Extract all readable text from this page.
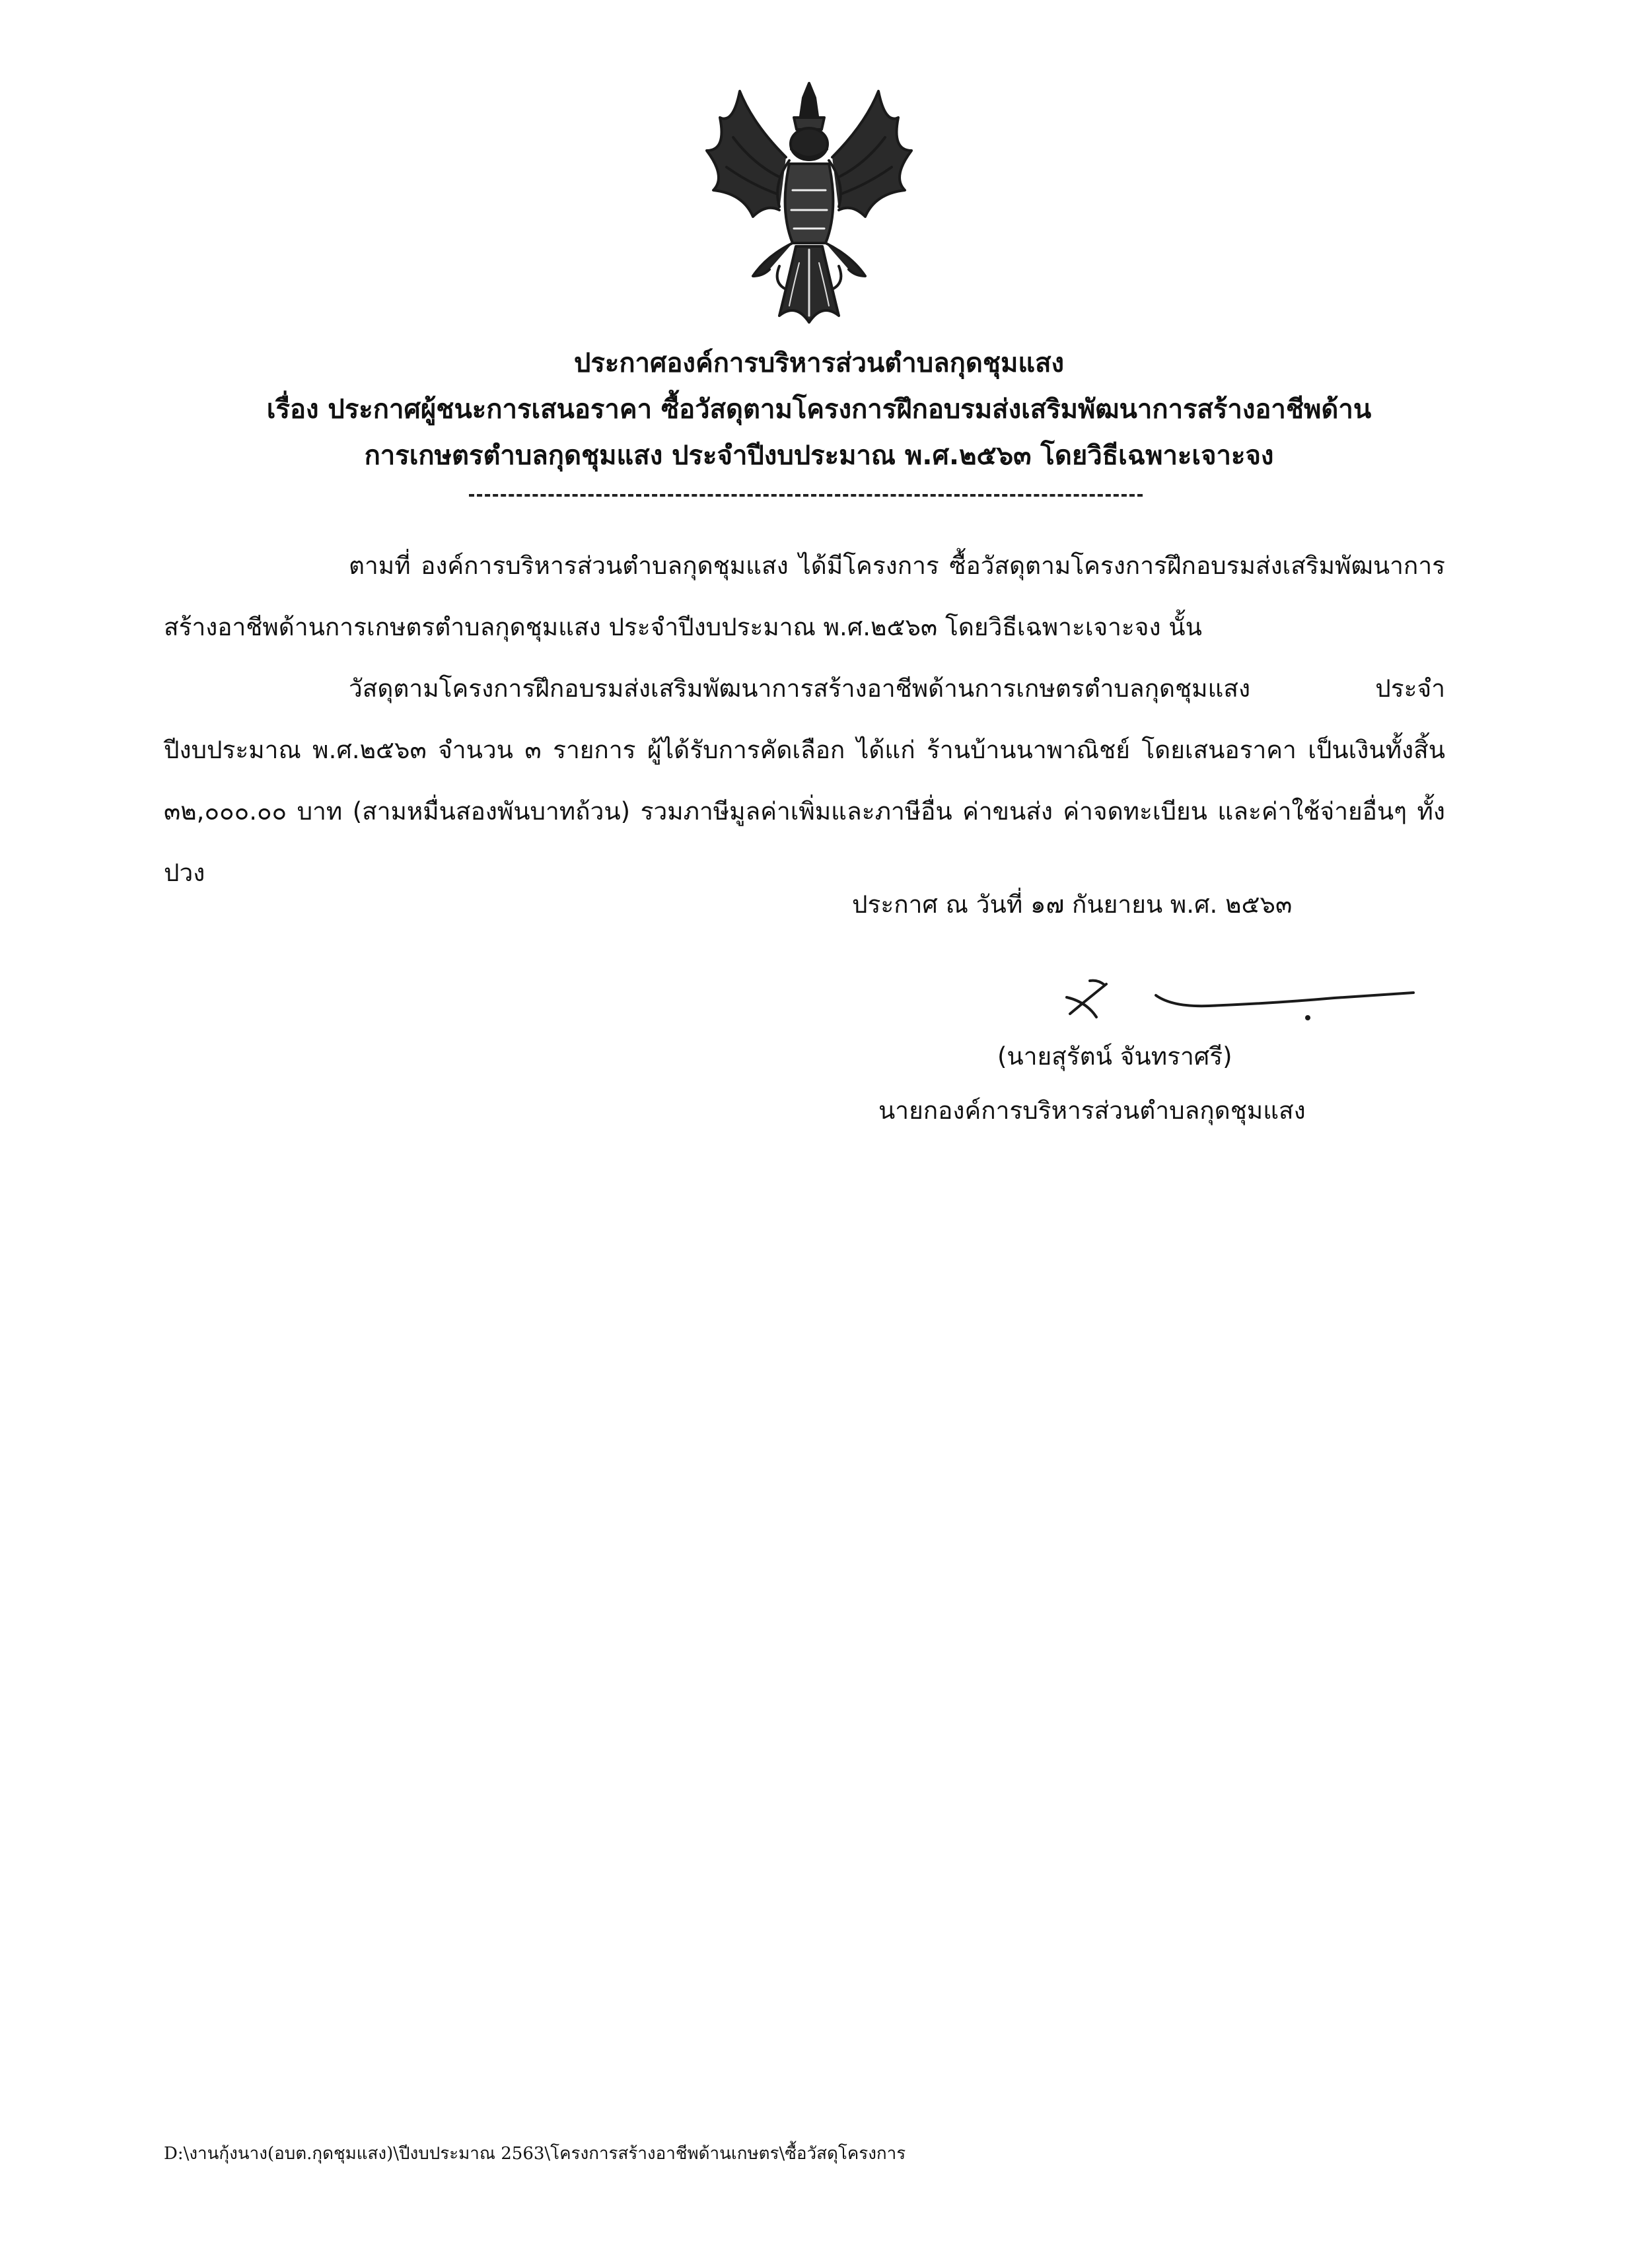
ประกาศองค์การบริหารส่วนตำบลกุดชุมแสง
เรื่อง ประกาศผู้ชนะการเสนอราคา ซื้อวัสดุตามโครงการฝึกอบรมส่งเสริมพัฒนาการสร้างอาชีพด้าน
การเกษตรตำบลกุดชุมแสง ประจำปีงบประมาณ พ.ศ.๒๕๖๓ โดยวิธีเฉพาะเจาะจง

ตามที่ องค์การบริหารส่วนตำบลกุดชุมแสง ได้มีโครงการ ซื้อวัสดุตามโครงการฝึกอบรมส่งเสริมพัฒนาการสร้างอาชีพด้านการเกษตรตำบลกุดชุมแสง ประจำปีงบประมาณ พ.ศ.๒๕๖๓ โดยวิธีเฉพาะเจาะจง นั้น

วัสดุตามโครงการฝึกอบรมส่งเสริมพัฒนาการสร้างอาชีพด้านการเกษตรตำบลกุดชุมแสง ประจำปีงบประมาณ พ.ศ.๒๕๖๓ จำนวน ๓ รายการ ผู้ได้รับการคัดเลือก ได้แก่ ร้านบ้านนาพาณิชย์ โดยเสนอราคา เป็นเงินทั้งสิ้น ๓๒,๐๐๐.๐๐ บาท (สามหมื่นสองพันบาทถ้วน) รวมภาษีมูลค่าเพิ่มและภาษีอื่น ค่าขนส่ง ค่าจดทะเบียน และค่าใช้จ่ายอื่นๆ ทั้งปวง

ประกาศ ณ วันที่ ๑๗ กันยายน พ.ศ. ๒๕๖๓
(นายสุรัตน์ จันทราศรี)
นายกองค์การบริหารส่วนตำบลกุดชุมแสง
D:\งานกุ้งนาง(อบต.กุดชุมแสง)\ปีงบประมาณ 2563\โครงการสร้างอาชีพด้านเกษตร\ซื้อวัสดุโครงการ
